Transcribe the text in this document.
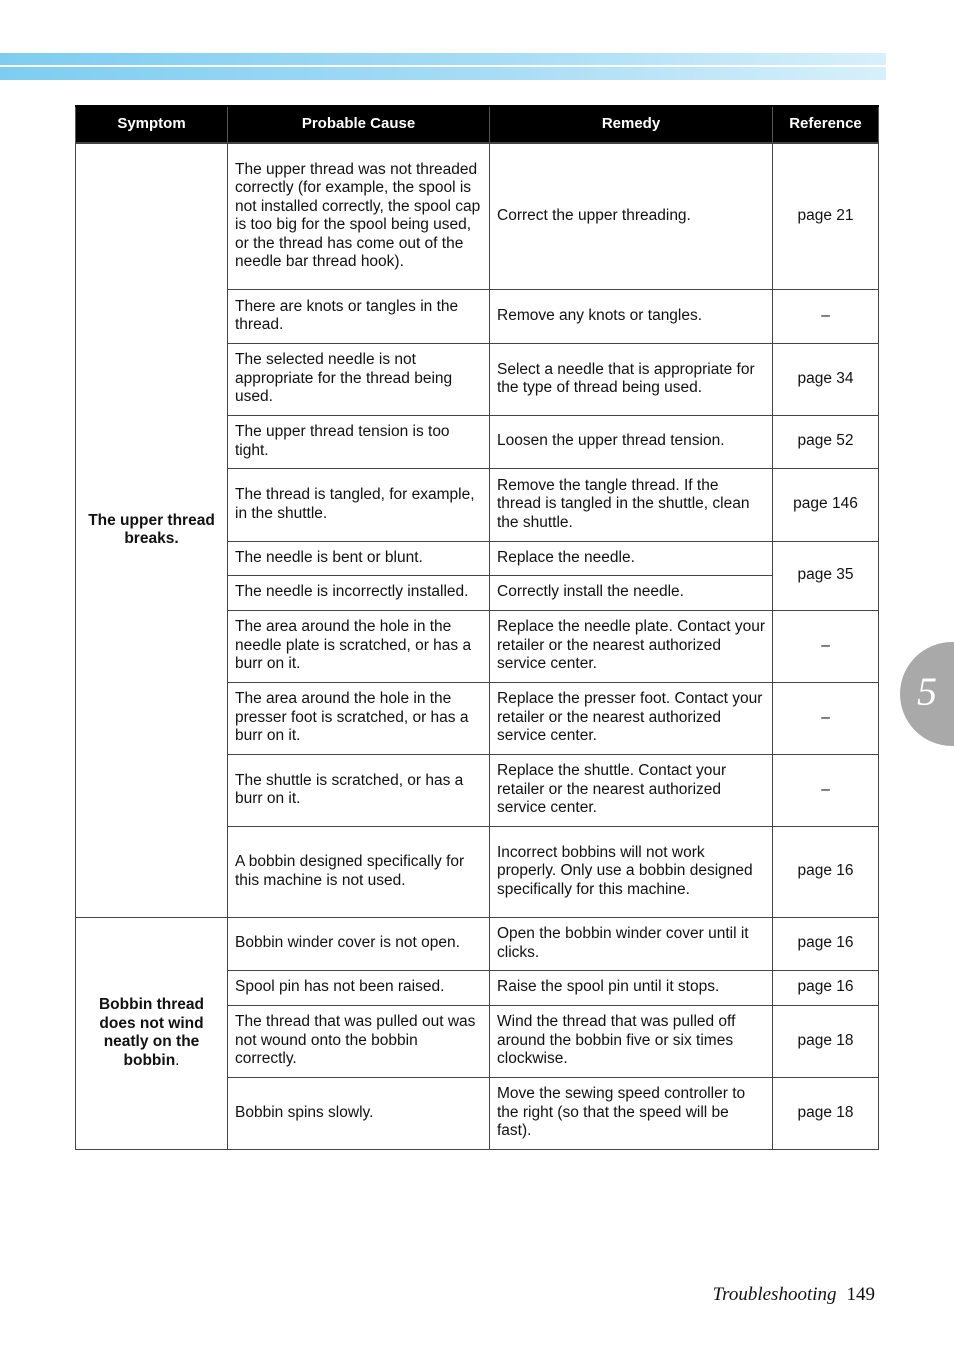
5
Symptom	Probable Cause	Remedy	Reference
The upper thread breaks.	The upper thread was not threaded correctly (for example, the spool is not installed correctly, the spool cap is too big for the spool being used, or the thread has come out of the needle bar thread hook).	Correct the upper threading.	page 21
	There are knots or tangles in the thread.	Remove any knots or tangles.	–
	The selected needle is not appropriate for the thread being used.	Select a needle that is appropriate for the type of thread being used.	page 34
	The upper thread tension is too tight.	Loosen the upper thread tension.	page 52
	The thread is tangled, for example, in the shuttle.	Remove the tangle thread. If the thread is tangled in the shuttle, clean the shuttle.	page 146
	The needle is bent or blunt.	Replace the needle.	page 35
	The needle is incorrectly installed.	Correctly install the needle.	
	The area around the hole in the needle plate is scratched, or has a burr on it.	Replace the needle plate. Contact your retailer or the nearest authorized service center.	–
	The area around the hole in the presser foot is scratched, or has a burr on it.	Replace the presser foot. Contact your retailer or the nearest authorized service center.	–
	The shuttle is scratched, or has a burr on it.	Replace the shuttle. Contact your retailer or the nearest authorized service center.	–
	A bobbin designed specifically for this machine is not used.	Incorrect bobbins will not work properly. Only use a bobbin designed specifically for this machine.	page 16
Bobbin thread does not wind neatly on the bobbin.	Bobbin winder cover is not open.	Open the bobbin winder cover until it clicks.	page 16
	Spool pin has not been raised.	Raise the spool pin until it stops.	page 16
	The thread that was pulled out was not wound onto the bobbin correctly.	Wind the thread that was pulled off around the bobbin five or six times clockwise.	page 18
	Bobbin spins slowly.	Move the sewing speed controller to the right (so that the speed will be fast).	page 18
Troubleshooting 149
